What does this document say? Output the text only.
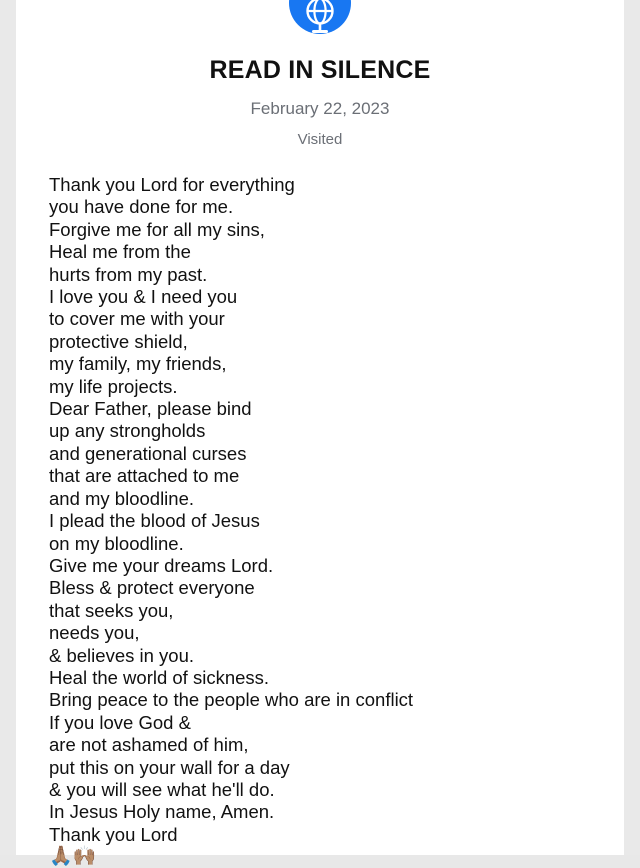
READ IN SILENCE
February 22, 2023
Visited
Thank you Lord for everything
you have done for me.
Forgive me for all my sins,
Heal me from the
hurts from my past.
I love you & I need you
to cover me with your
protective shield,
my family, my friends,
my life projects.
Dear Father, please bind
up any strongholds
and generational curses
that are attached to me
and my bloodline.
I plead the blood of Jesus
on my bloodline.
Give me your dreams Lord.
Bless & protect everyone
that seeks you,
needs you,
& believes in you.
Heal the world of sickness.
Bring peace to the people who are in conflict
If you love God &
are not ashamed of him,
put this on your wall for a day
& you will see what he'll do.
In Jesus Holy name, Amen.
Thank you Lord
🙏🏽🙌🏽
